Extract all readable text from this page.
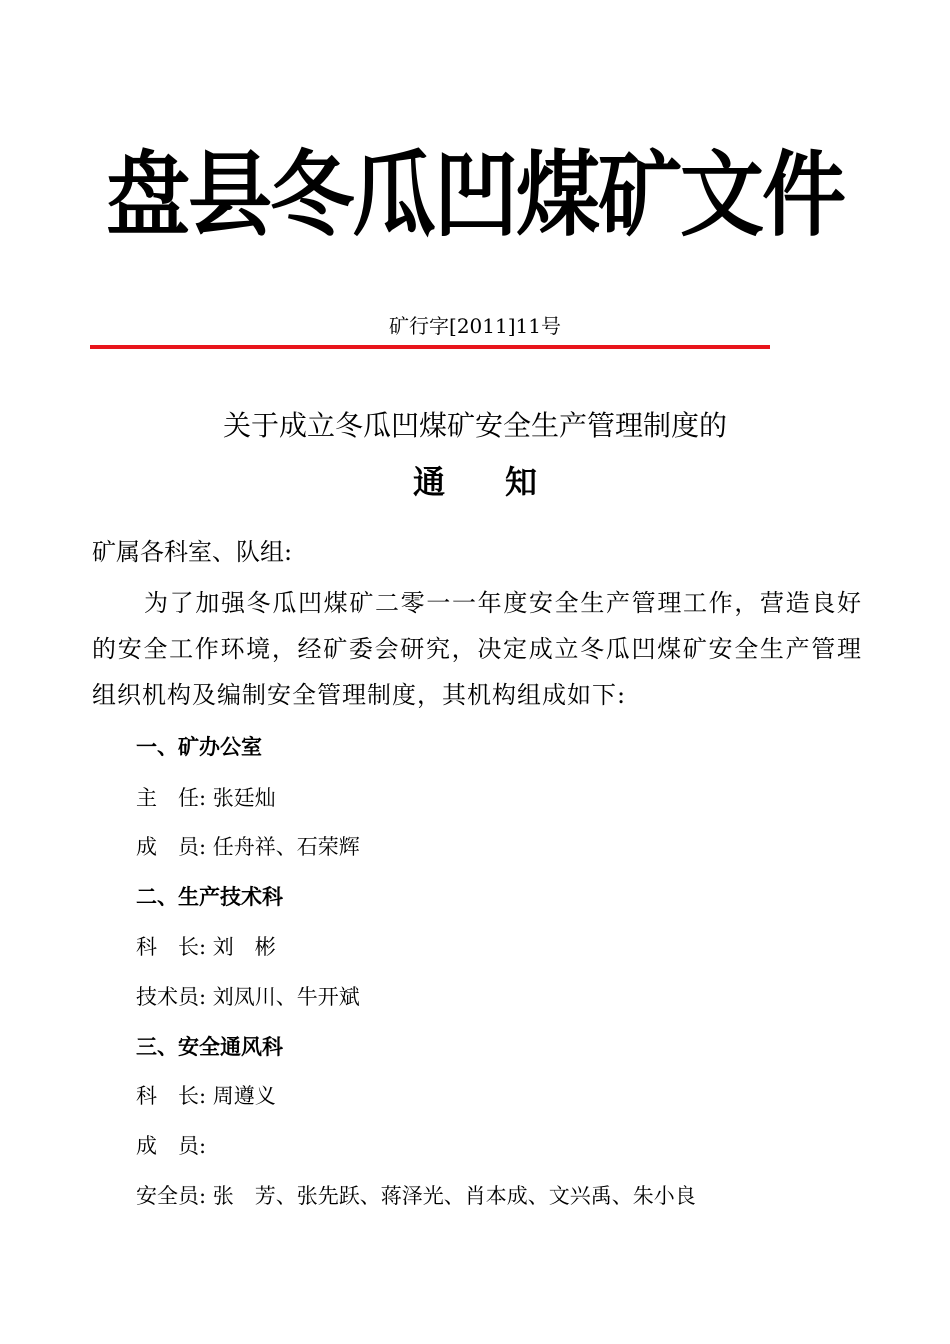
盘县冬瓜凹煤矿文件
矿行字[2011]11号
关于成立冬瓜凹煤矿安全生产管理制度的
通 知
矿属各科室、队组:
为了加强冬瓜凹煤矿二零一一年度安全生产管理工作，营造良好的安全工作环境，经矿委会研究，决定成立冬瓜凹煤矿安全生产管理组织机构及编制安全管理制度，其机构组成如下:
一、矿办公室
主　任: 张廷灿
成　员: 任舟祥、石荣辉
二、生产技术科
科　长: 刘　彬
技术员: 刘凤川、牛开斌
三、安全通风科
科　长: 周遵义
成　员:
安全员: 张　芳、张先跃、蒋泽光、肖本成、文兴禹、朱小良
